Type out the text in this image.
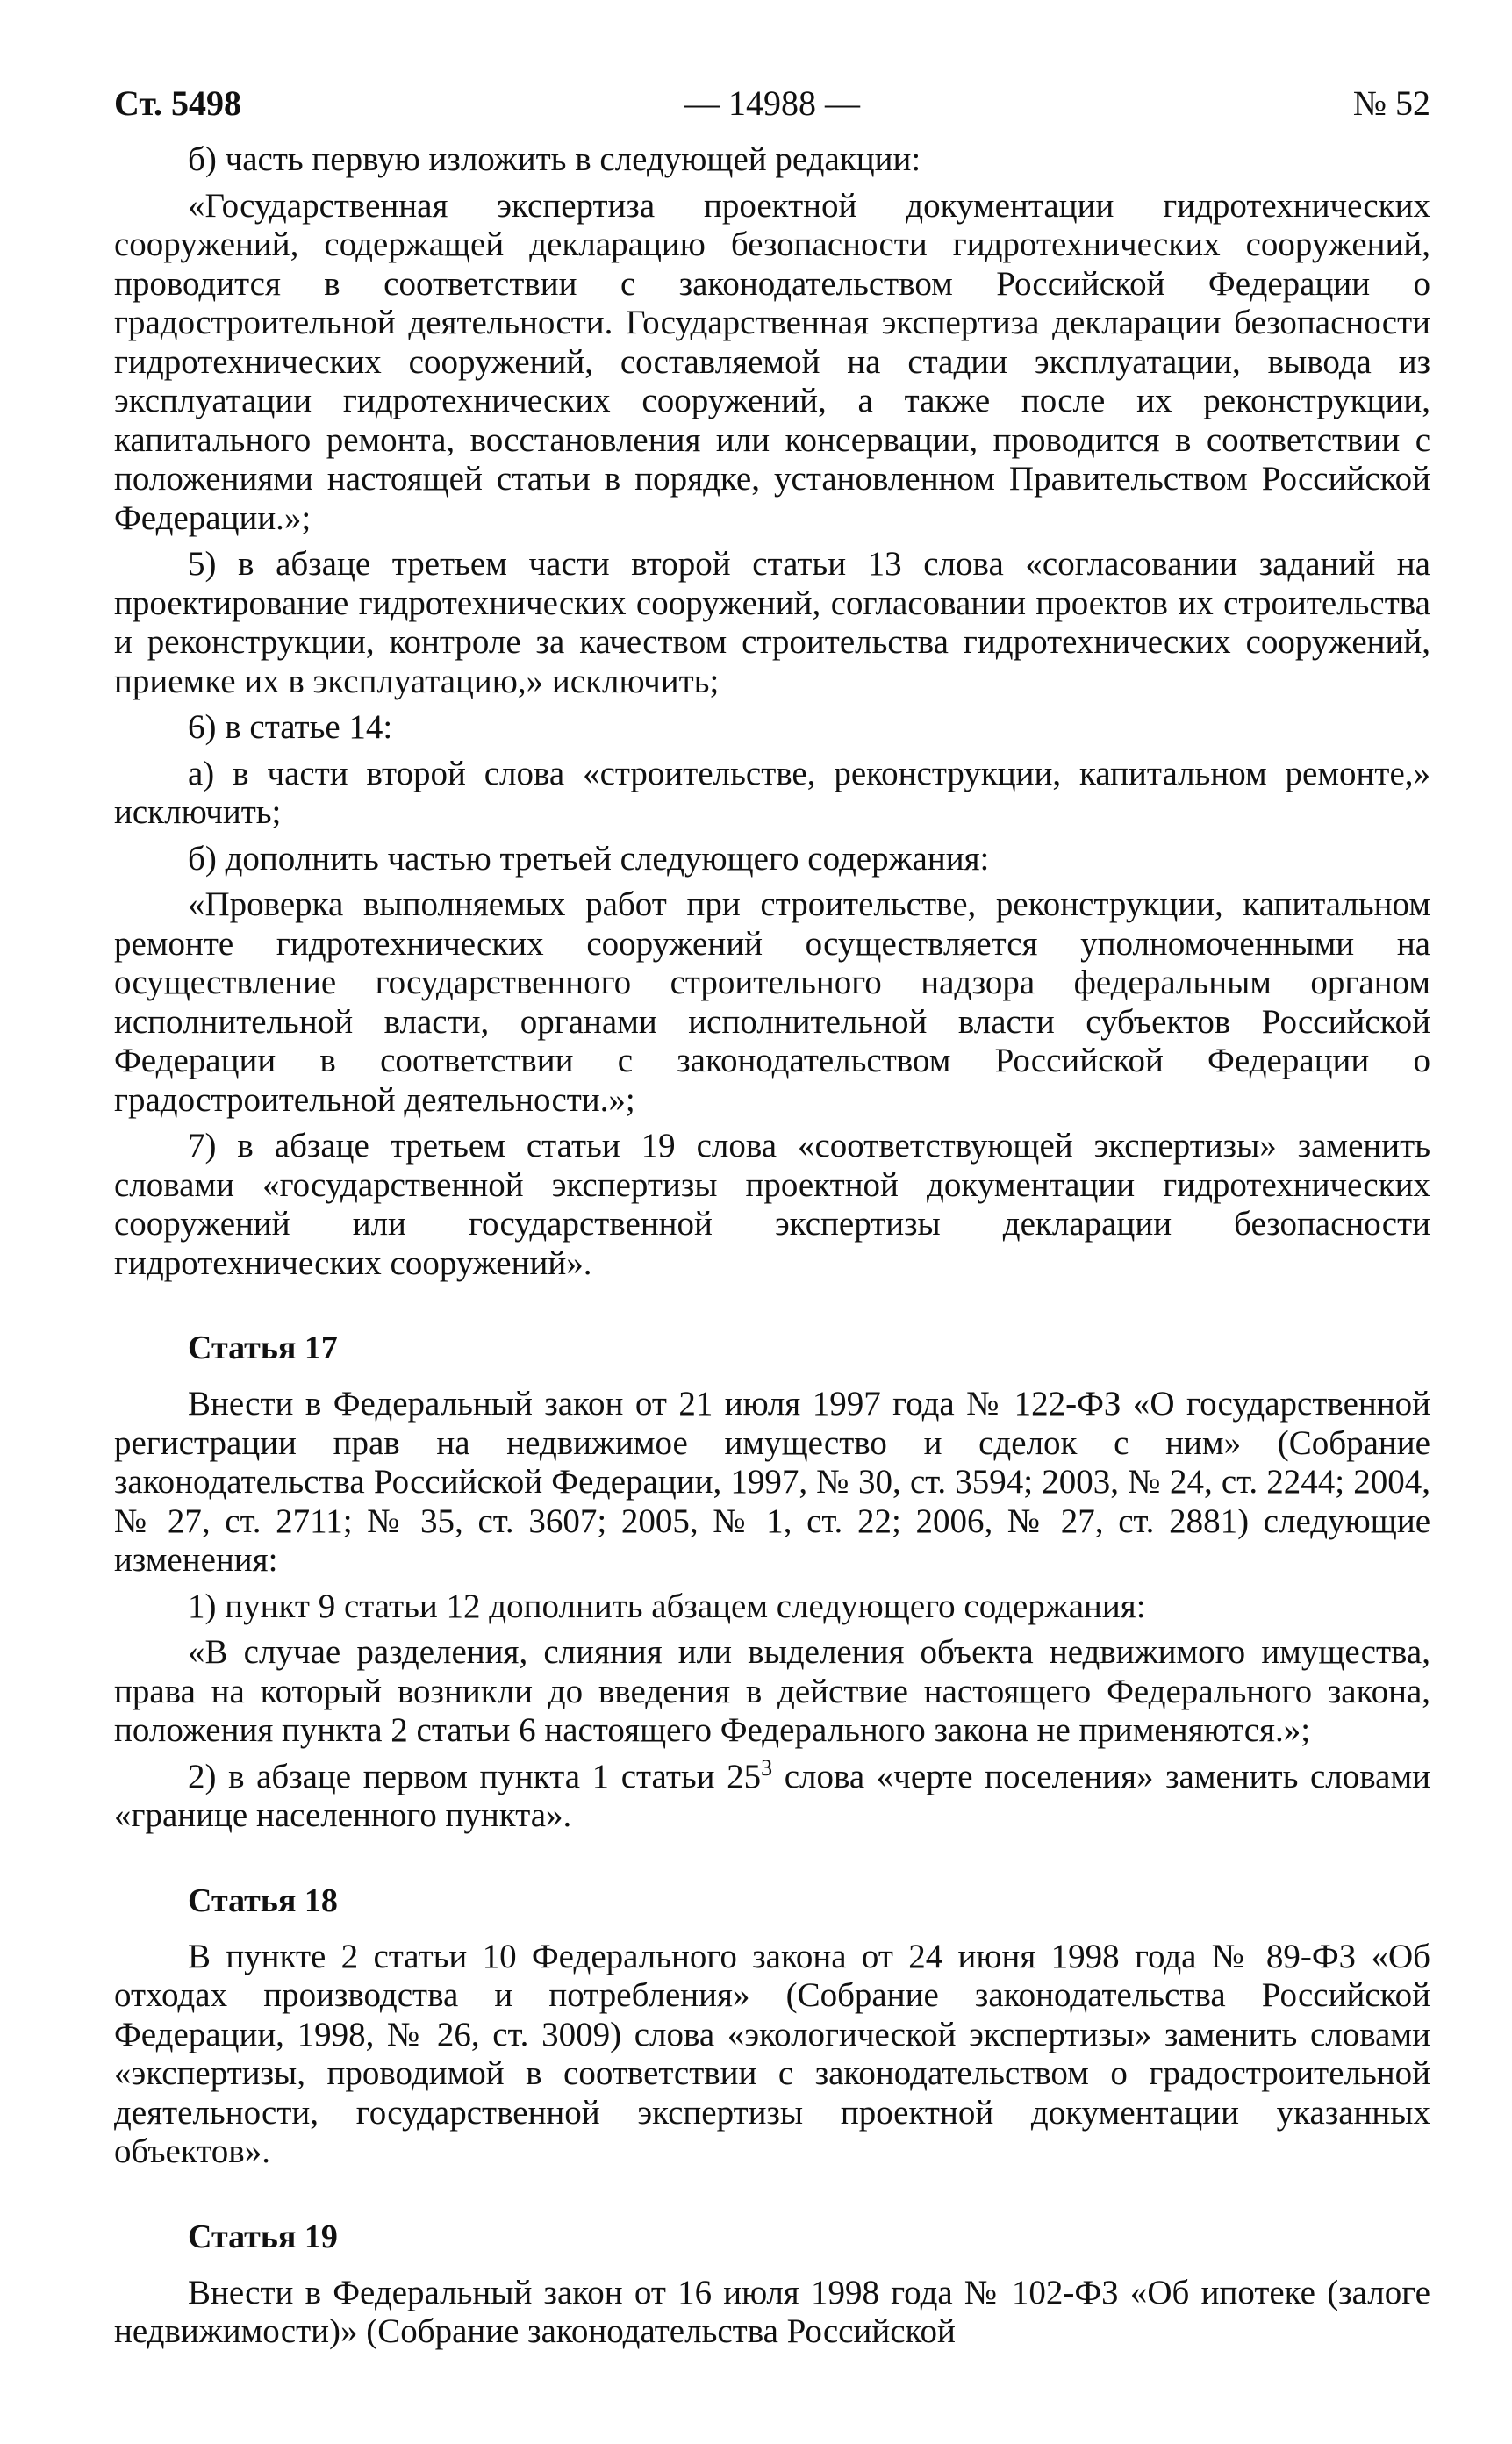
Ст. 5498	— 14988 —	№ 52

б) часть первую изложить в следующей редакции:

«Государственная экспертиза проектной документации гидротехнических сооружений, содержащей декларацию безопасности гидротехнических сооружений, проводится в соответствии с законодательством Российской Федерации о градостроительной деятельности. Государственная экспертиза декларации безопасности гидротехнических сооружений, составляемой на стадии эксплуатации, вывода из эксплуатации гидротехнических сооружений, а также после их реконструкции, капитального ремонта, восстановления или консервации, проводится в соответствии с положениями настоящей статьи в порядке, установленном Правительством Российской Федерации.»;

5) в абзаце третьем части второй статьи 13 слова «согласовании заданий на проектирование гидротехнических сооружений, согласовании проектов их строительства и реконструкции, контроле за качеством строительства гидротехнических сооружений, приемке их в эксплуатацию,» исключить;

6) в статье 14:

а) в части второй слова «строительстве, реконструкции, капитальном ремонте,» исключить;

б) дополнить частью третьей следующего содержания:

«Проверка выполняемых работ при строительстве, реконструкции, капитальном ремонте гидротехнических сооружений осуществляется уполномоченными на осуществление государственного строительного надзора федеральным органом исполнительной власти, органами исполнительной власти субъектов Российской Федерации в соответствии с законодательством Российской Федерации о градостроительной деятельности.»;

7) в абзаце третьем статьи 19 слова «соответствующей экспертизы» заменить словами «государственной экспертизы проектной документации гидротехнических сооружений или государственной экспертизы декларации безопасности гидротехнических сооружений».

Статья 17

Внести в Федеральный закон от 21 июля 1997 года № 122-ФЗ «О государственной регистрации прав на недвижимое имущество и сделок с ним» (Собрание законодательства Российской Федерации, 1997, № 30, ст. 3594; 2003, № 24, ст. 2244; 2004, № 27, ст. 2711; № 35, ст. 3607; 2005, № 1, ст. 22; 2006, № 27, ст. 2881) следующие изменения:

1) пункт 9 статьи 12 дополнить абзацем следующего содержания:

«В случае разделения, слияния или выделения объекта недвижимого имущества, права на который возникли до введения в действие настоящего Федерального закона, положения пункта 2 статьи 6 настоящего Федерального закона не применяются.»;

2) в абзаце первом пункта 1 статьи $25^3$ слова «черте поселения» заменить словами «границе населенного пункта».

Статья 18

В пункте 2 статьи 10 Федерального закона от 24 июня 1998 года № 89-ФЗ «Об отходах производства и потребления» (Собрание законодательства Российской Федерации, 1998, № 26, ст. 3009) слова «экологической экспертизы» заменить словами «экспертизы, проводимой в соответствии с законодательством о градостроительной деятельности, государственной экспертизы проектной документации указанных объектов».

Статья 19

Внести в Федеральный закон от 16 июля 1998 года № 102-ФЗ «Об ипотеке (залоге недвижимости)» (Собрание законодательства Российской
